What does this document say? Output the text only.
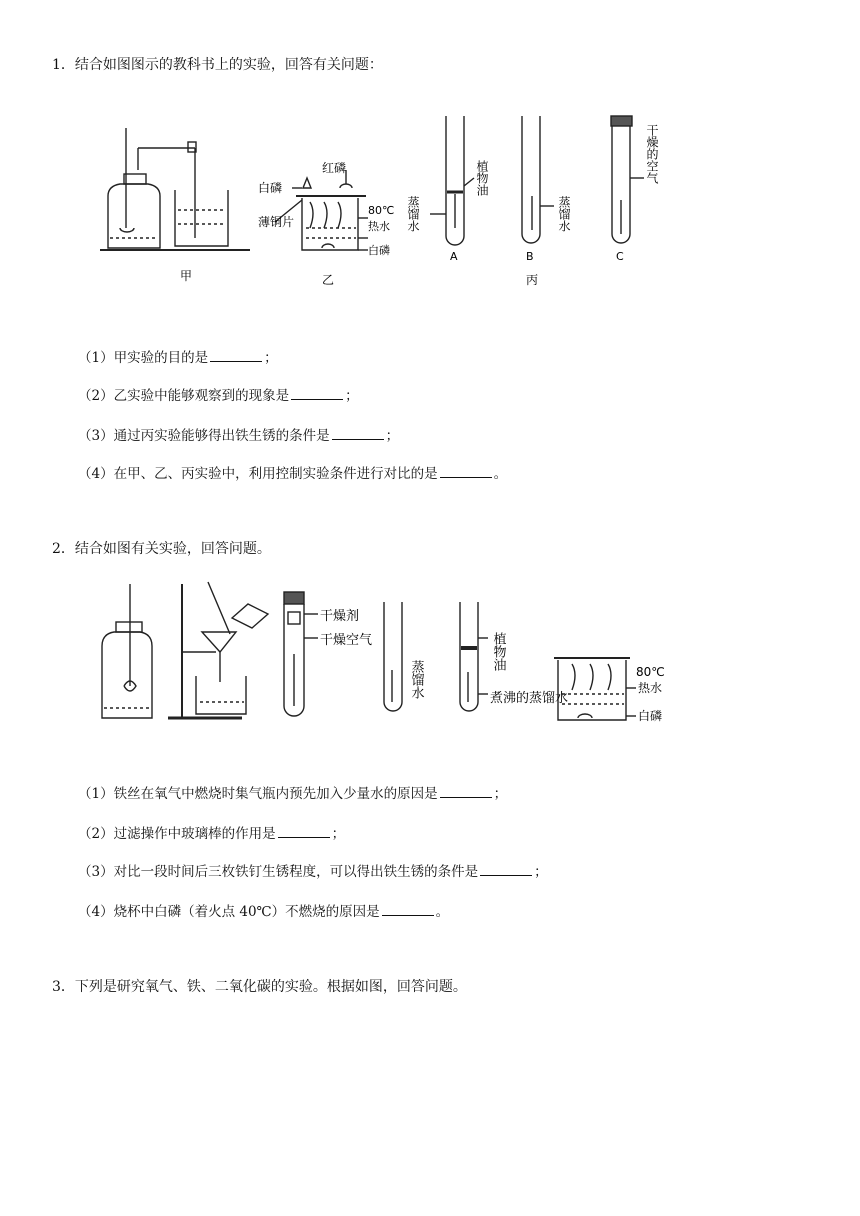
1．结合如图图示的教科书上的实验，回答有关问题：
甲	乙	丙
红磷
白磷
薄铜片
80℃
热水
白磷
蒸馏水
植物油
蒸馏水
干燥的空气
A	B	C
（1）甲实验的目的是	；
（2）乙实验中能够观察到的现象是	；
（3）通过丙实验能够得出铁生锈的条件是	；
（4）在甲、乙、丙实验中，利用控制实验条件进行对比的是	。
2．结合如图有关实验，回答问题。
干燥剂
干燥空气
蒸馏水
植物油
煮沸的蒸馏水
80℃
热水
白磷
（1）铁丝在氧气中燃烧时集气瓶内预先加入少量水的原因是	；
（2）过滤操作中玻璃棒的作用是	；
（3）对比一段时间后三枚铁钉生锈程度，可以得出铁生锈的条件是	；
（4）烧杯中白磷（着火点 40℃）不燃烧的原因是	。
3．下列是研究氧气、铁、二氧化碳的实验。根据如图，回答问题。
